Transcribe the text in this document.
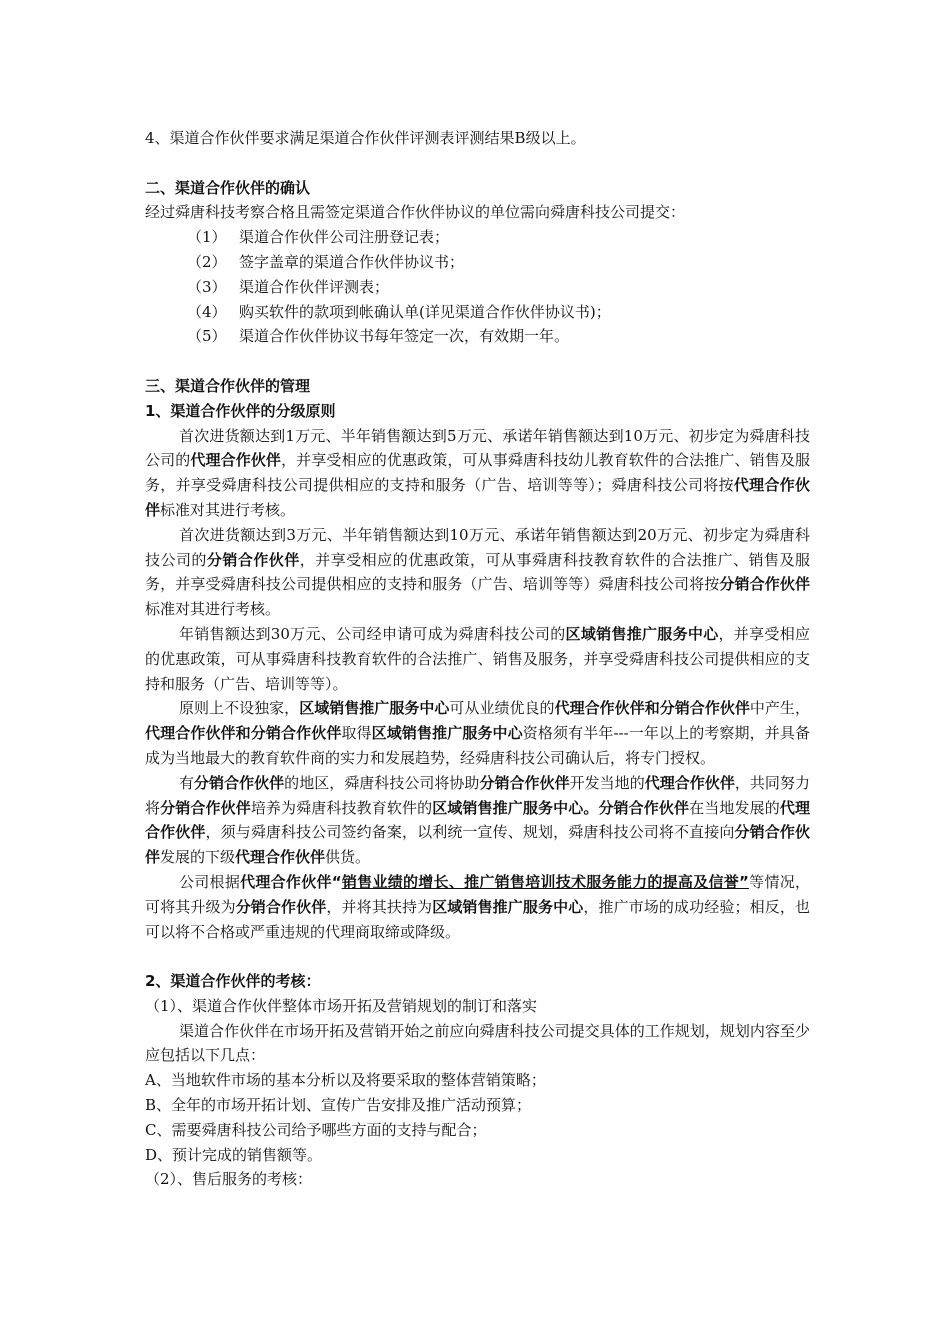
4、渠道合作伙伴要求满足渠道合作伙伴评测表评测结果B级以上。

二、渠道合作伙伴的确认

经过舜唐科技考察合格且需签定渠道合作伙伴协议的单位需向舜唐科技公司提交：

（1） 渠道合作伙伴公司注册登记表；

（2） 签字盖章的渠道合作伙伴协议书；

（3） 渠道合作伙伴评测表；

（4） 购买软件的款项到帐确认单(详见渠道合作伙伴协议书)；

（5） 渠道合作伙伴协议书每年签定一次，有效期一年。

三、渠道合作伙伴的管理

1、渠道合作伙伴的分级原则

首次进货额达到1万元、半年销售额达到5万元、承诺年销售额达到10万元、初步定为舜唐科技公司的代理合作伙伴，并享受相应的优惠政策，可从事舜唐科技幼儿教育软件的合法推广、销售及服务，并享受舜唐科技公司提供相应的支持和服务（广告、培训等等）；舜唐科技公司将按代理合作伙伴标准对其进行考核。

首次进货额达到3万元、半年销售额达到10万元、承诺年销售额达到20万元、初步定为舜唐科技公司的分销合作伙伴，并享受相应的优惠政策，可从事舜唐科技教育软件的合法推广、销售及服务，并享受舜唐科技公司提供相应的支持和服务（广告、培训等等）舜唐科技公司将按分销合作伙伴标准对其进行考核。

年销售额达到30万元、公司经申请可成为舜唐科技公司的区域销售推广服务中心，并享受相应的优惠政策，可从事舜唐科技教育软件的合法推广、销售及服务，并享受舜唐科技公司提供相应的支持和服务（广告、培训等等）。

原则上不设独家，区域销售推广服务中心可从业绩优良的代理合作伙伴和分销合作伙伴中产生，代理合作伙伴和分销合作伙伴取得区域销售推广服务中心资格须有半年---一年以上的考察期，并具备成为当地最大的教育软件商的实力和发展趋势，经舜唐科技公司确认后，将专门授权。

有分销合作伙伴的地区，舜唐科技公司将协助分销合作伙伴开发当地的代理合作伙伴，共同努力将分销合作伙伴培养为舜唐科技教育软件的区域销售推广服务中心。分销合作伙伴在当地发展的代理合作伙伴，须与舜唐科技公司签约备案，以利统一宣传、规划，舜唐科技公司将不直接向分销合作伙伴发展的下级代理合作伙伴供货。

公司根据代理合作伙伴“销售业绩的增长、推广销售培训技术服务能力的提高及信誉”等情况，可将其升级为分销合作伙伴，并将其扶持为区域销售推广服务中心，推广市场的成功经验；相反，也可以将不合格或严重违规的代理商取缔或降级。

2、渠道合作伙伴的考核：

（1）、渠道合作伙伴整体市场开拓及营销规划的制订和落实

渠道合作伙伴在市场开拓及营销开始之前应向舜唐科技公司提交具体的工作规划，规划内容至少应包括以下几点：

A、当地软件市场的基本分析以及将要采取的整体营销策略；

B、全年的市场开拓计划、宣传广告安排及推广活动预算；

C、需要舜唐科技公司给予哪些方面的支持与配合；

D、预计完成的销售额等。

（2）、售后服务的考核：
